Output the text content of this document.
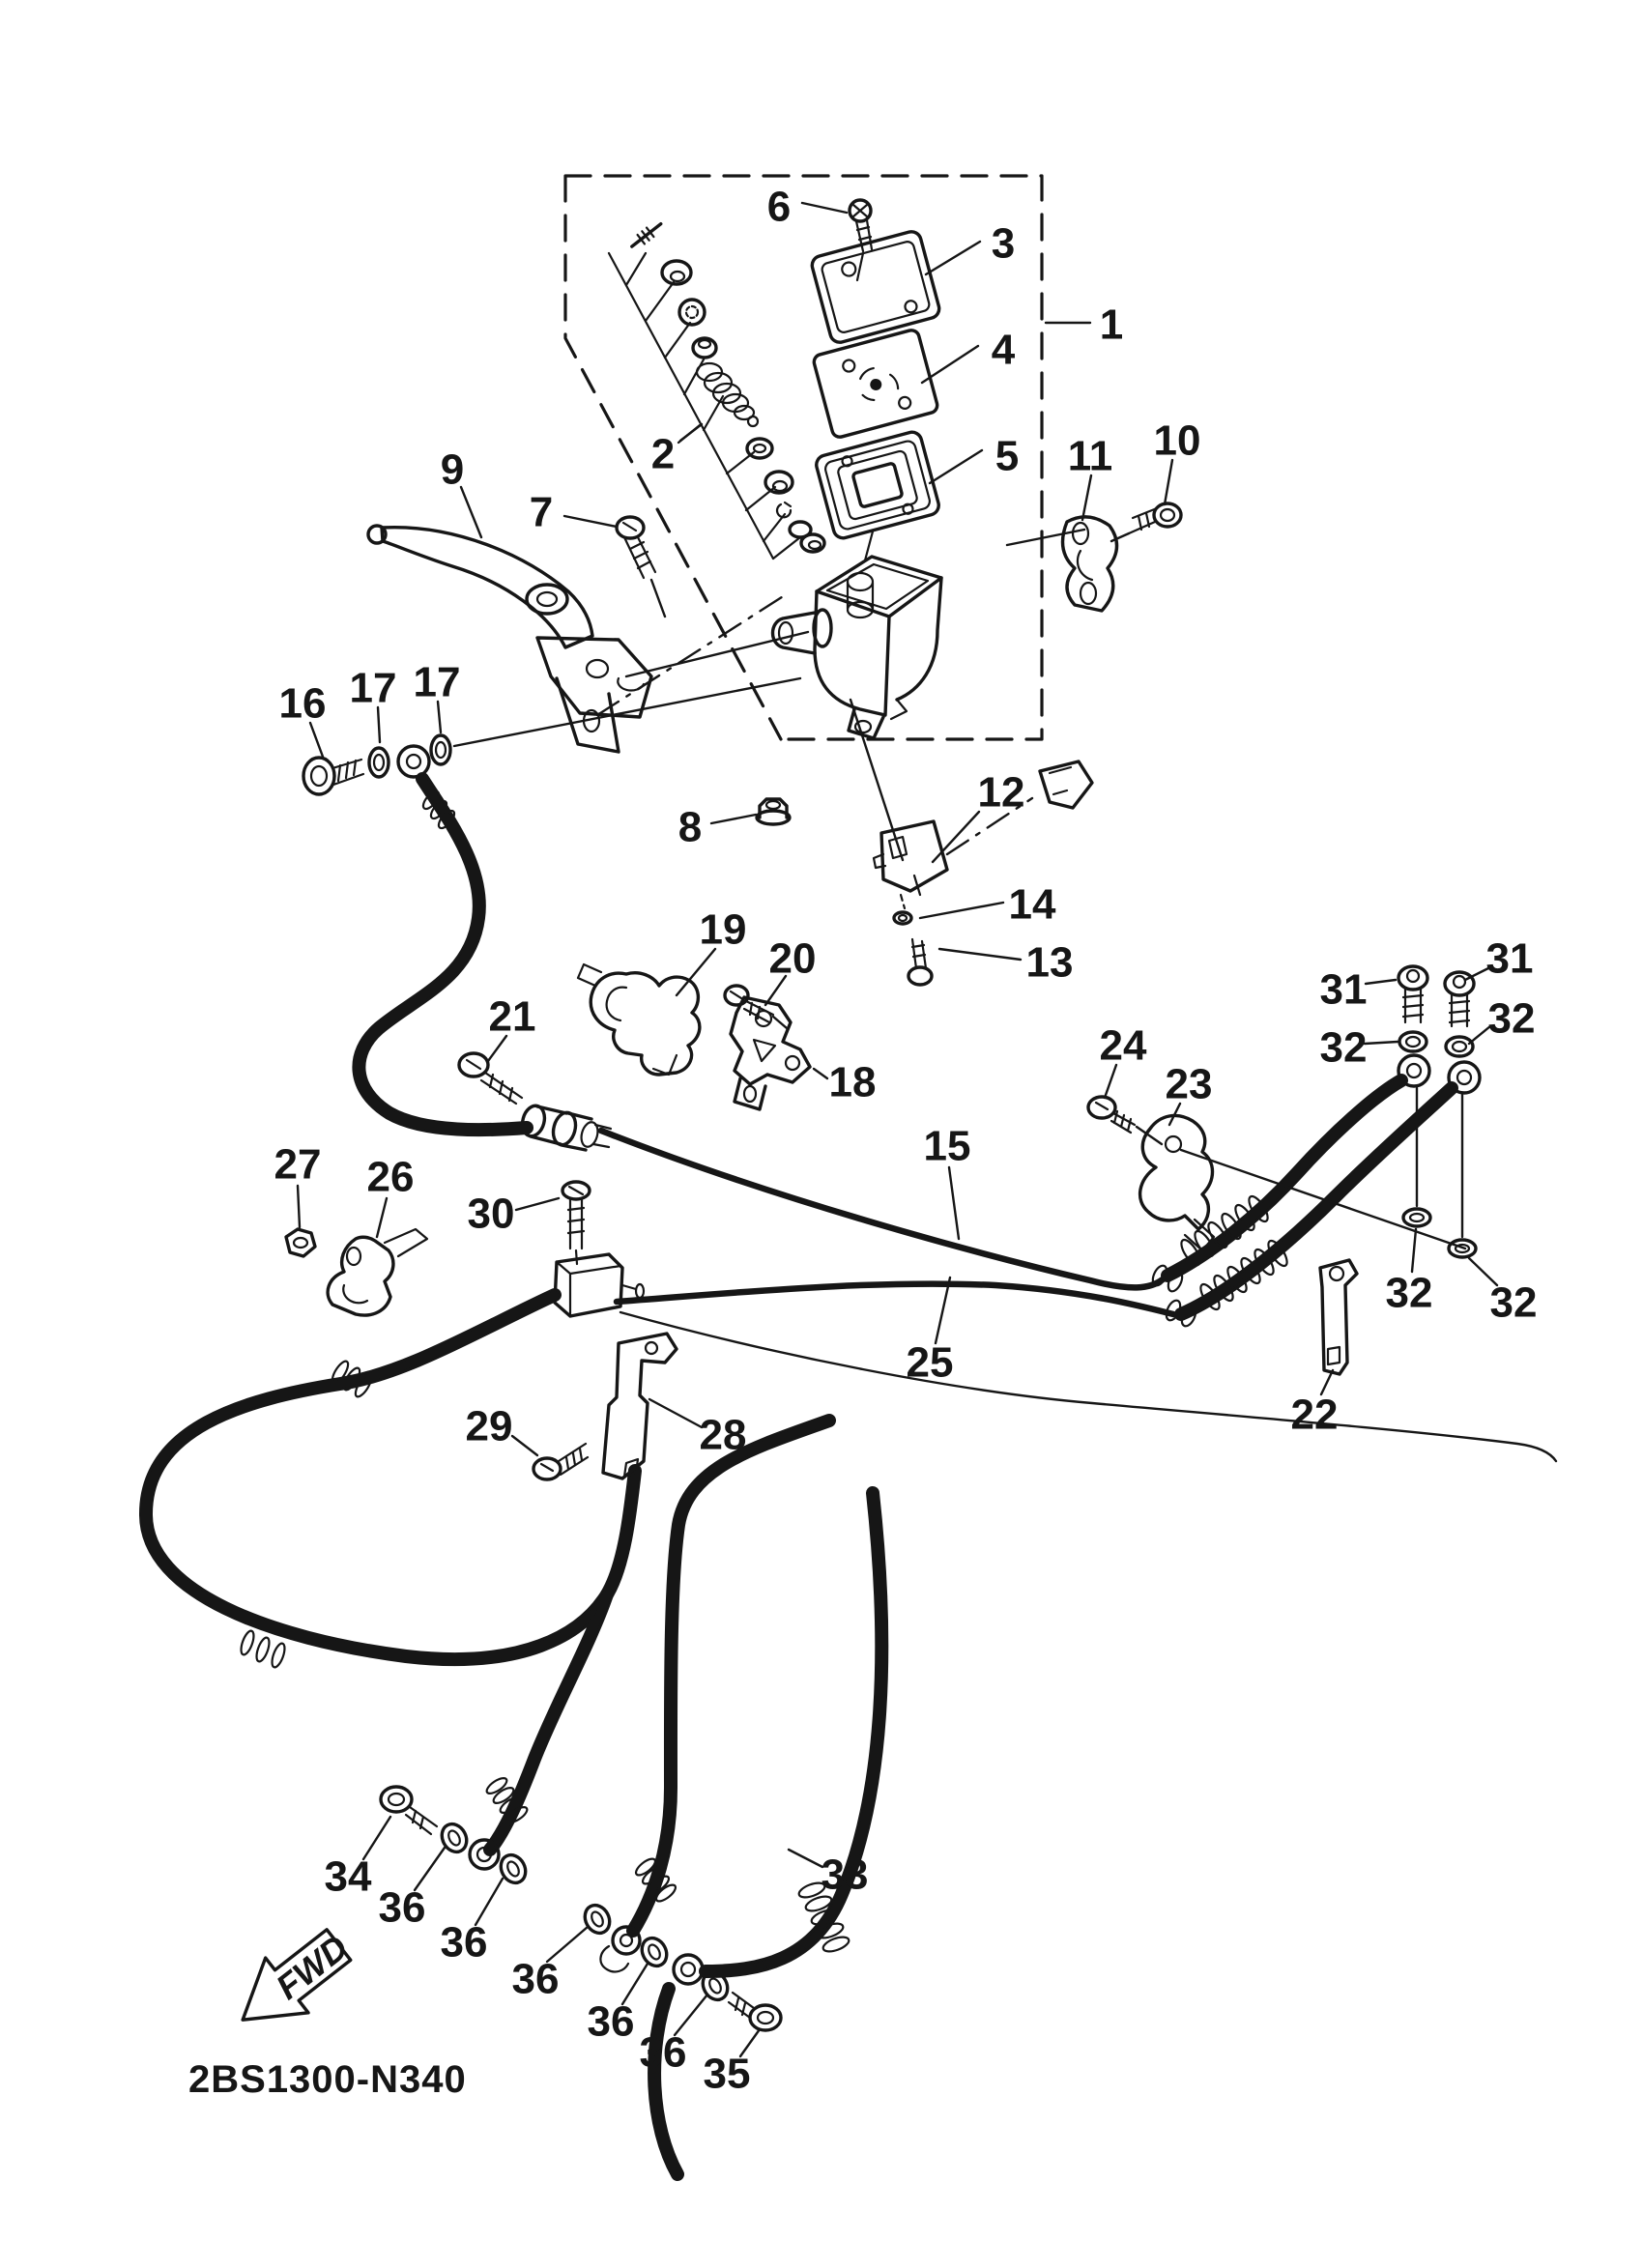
FWD
2BS1300-N340
1
2
3
4
5
6
7
8
9
10
11
12
13
14
15
16 17 17
18
19
20
21
22
23
24
25
26
27
28
29
30
31
31
32
32
32 32
33
34
35
36
36
36
36
36
